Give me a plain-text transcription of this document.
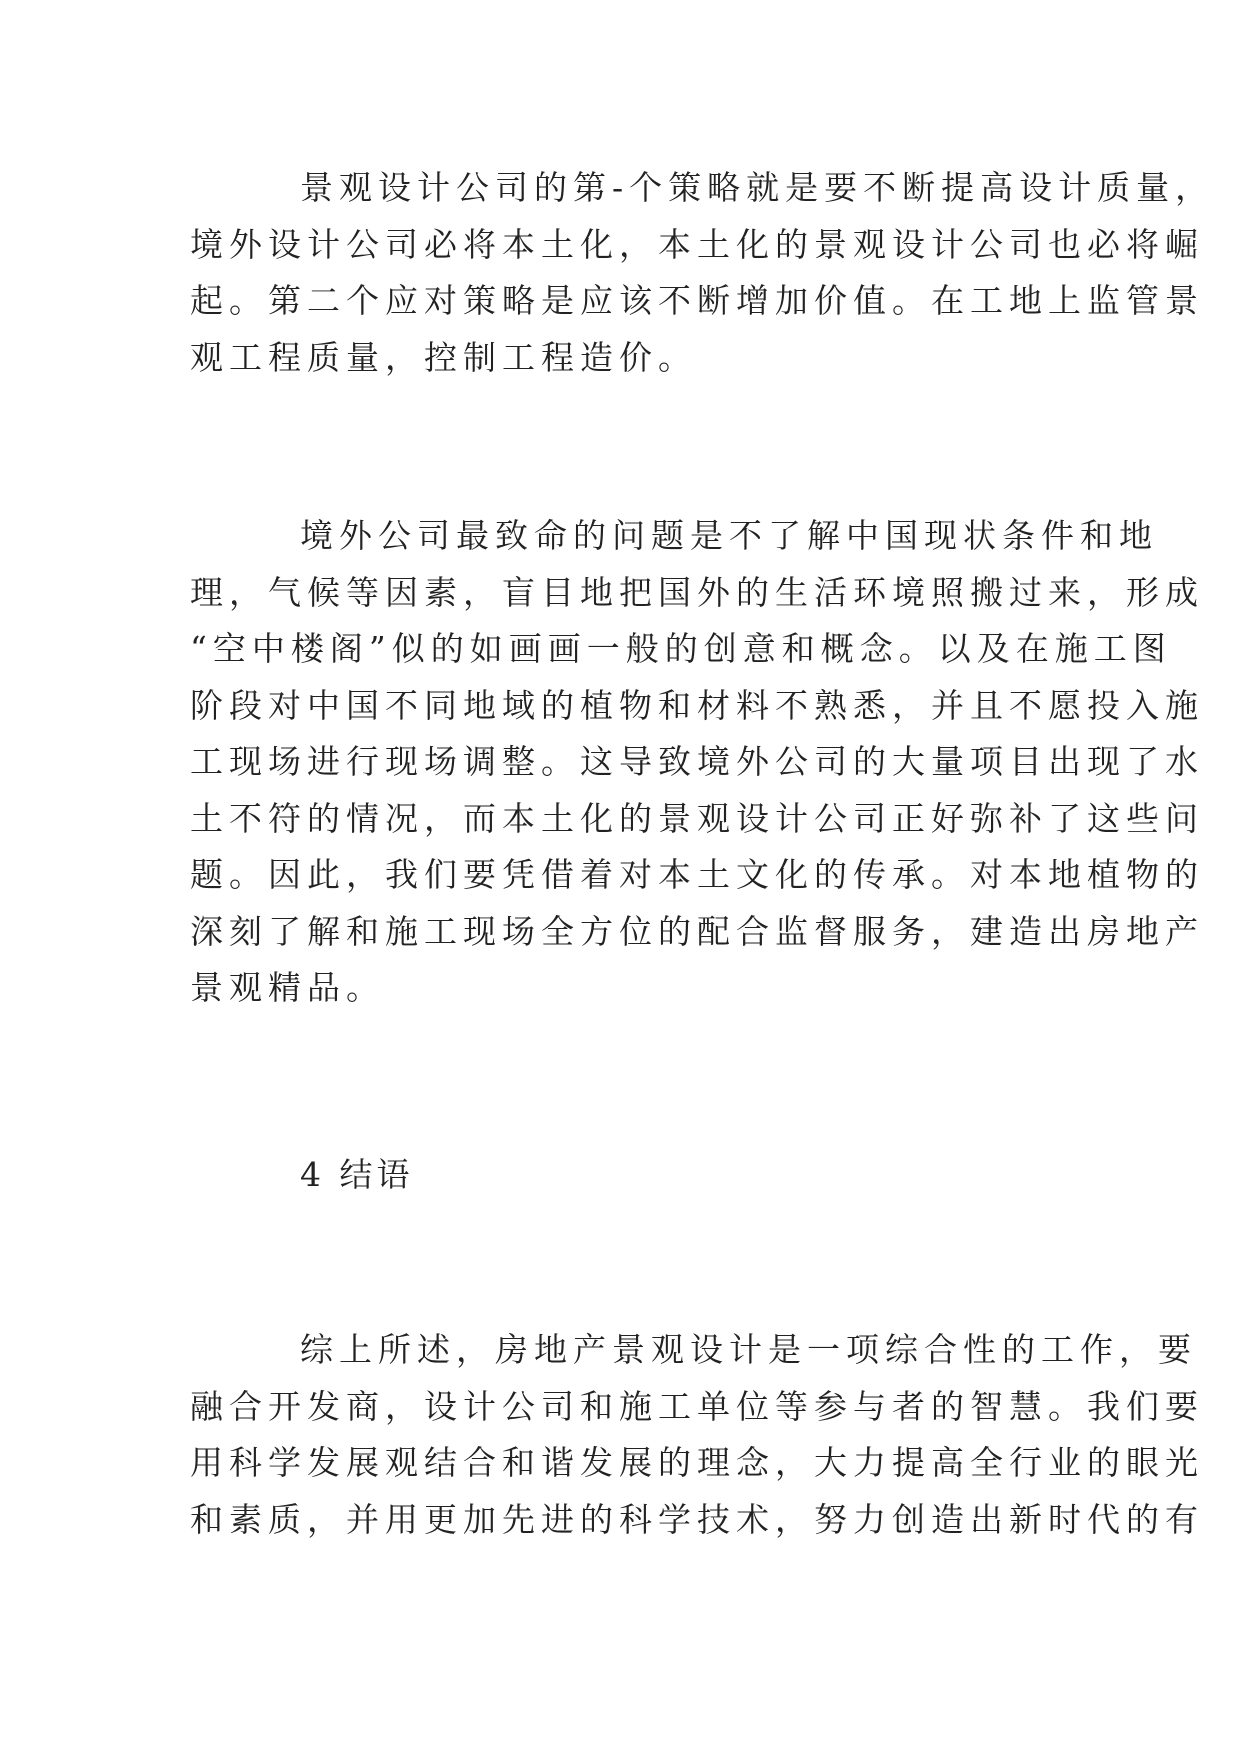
景观设计公司的第-个策略就是要不断提高设计质量，
境外设计公司必将本土化，本土化的景观设计公司也必将崛
起。第二个应对策略是应该不断增加价值。在工地上监管景
观工程质量，控制工程造价。
境外公司最致命的问题是不了解中国现状条件和地
理，气候等因素，盲目地把国外的生活环境照搬过来，形成
“空中楼阁”似的如画画一般的创意和概念。以及在施工图
阶段对中国不同地域的植物和材料不熟悉，并且不愿投入施
工现场进行现场调整。这导致境外公司的大量项目出现了水
土不符的情况，而本土化的景观设计公司正好弥补了这些问
题。因此，我们要凭借着对本土文化的传承。对本地植物的
深刻了解和施工现场全方位的配合监督服务，建造出房地产
景观精品。
4 结语
综上所述，房地产景观设计是一项综合性的工作，要
融合开发商，设计公司和施工单位等参与者的智慧。我们要
用科学发展观结合和谐发展的理念，大力提高全行业的眼光
和素质，并用更加先进的科学技术，努力创造出新时代的有
